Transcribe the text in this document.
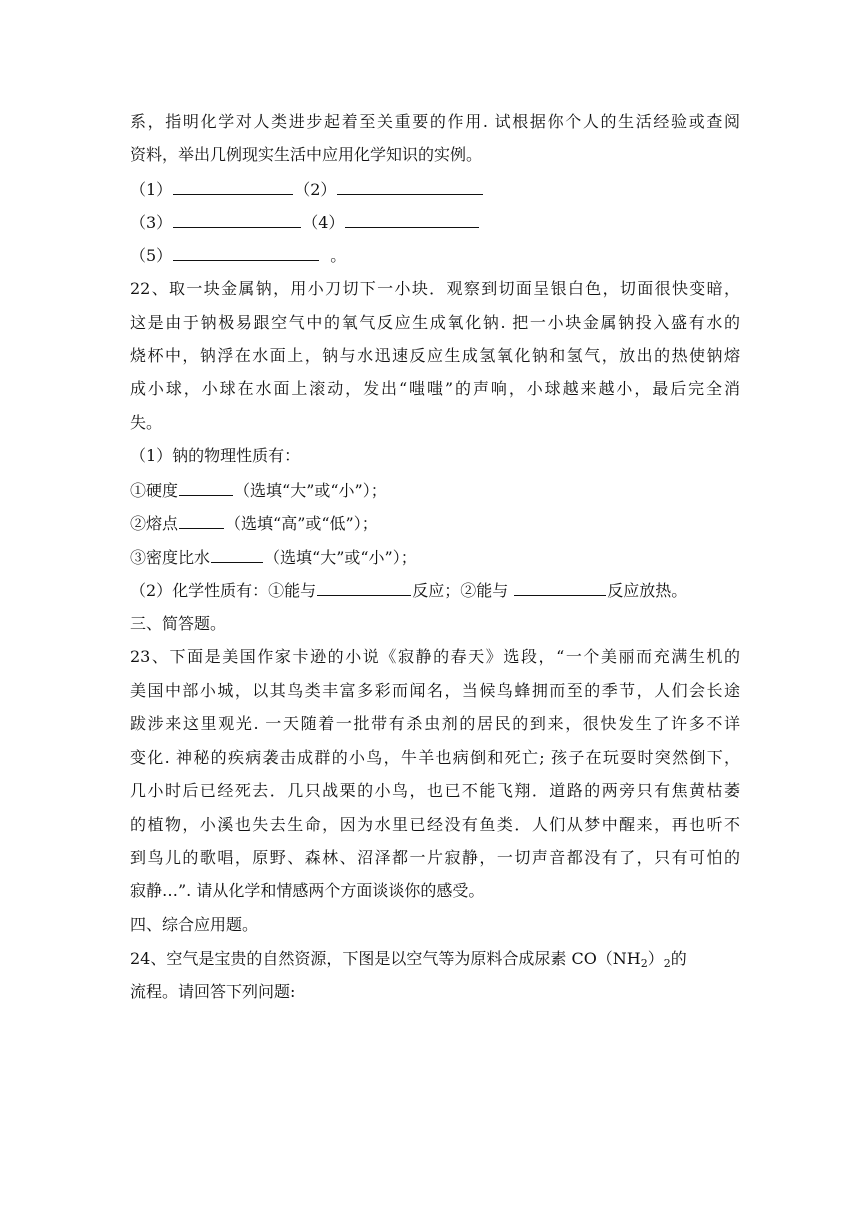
系，指明化学对人类进步起着至关重要的作用. 试根据你个人的生活经验或查阅
资料，举出几例现实生活中应用化学知识的实例。
（1）	（2）
（3）	（4）
（5）	。
22、取一块金属钠，用小刀切下一小块．观察到切面呈银白色，切面很快变暗，
这是由于钠极易跟空气中的氧气反应生成氧化钠. 把一小块金属钠投入盛有水的
烧杯中，钠浮在水面上，钠与水迅速反应生成氢氧化钠和氢气，放出的热使钠熔
成小球，小球在水面上滚动，发出“嗤嗤”的声响，小球越来越小，最后完全消
失。
（1）钠的物理性质有：
①硬度	（选填“大”或“小”）；
②熔点	（选填“高”或“低”）；
③密度比水	（选填“大”或“小”）；
（2）化学性质有：①能与	反应；②能与	反应放热。
三、简答题。
23、下面是美国作家卡逊的小说《寂静的春天》选段，“一个美丽而充满生机的
美国中部小城，以其鸟类丰富多彩而闻名，当候鸟蜂拥而至的季节，人们会长途
跋涉来这里观光. 一天随着一批带有杀虫剂的居民的到来，很快发生了许多不详
变化. 神秘的疾病袭击成群的小鸟，牛羊也病倒和死亡; 孩子在玩耍时突然倒下，
几小时后已经死去．几只战栗的小鸟，也已不能飞翔．道路的两旁只有焦黄枯萎
的植物，小溪也失去生命，因为水里已经没有鱼类．人们从梦中醒来，再也听不
到鸟儿的歌唱，原野、森林、沼泽都一片寂静，一切声音都没有了，只有可怕的
寂静…”. 请从化学和情感两个方面谈谈你的感受。
四、综合应用题。
24、空气是宝贵的自然资源，下图是以空气等为原料合成尿素 $CO(NH_2)_2$的
流程。请回答下列问题:
